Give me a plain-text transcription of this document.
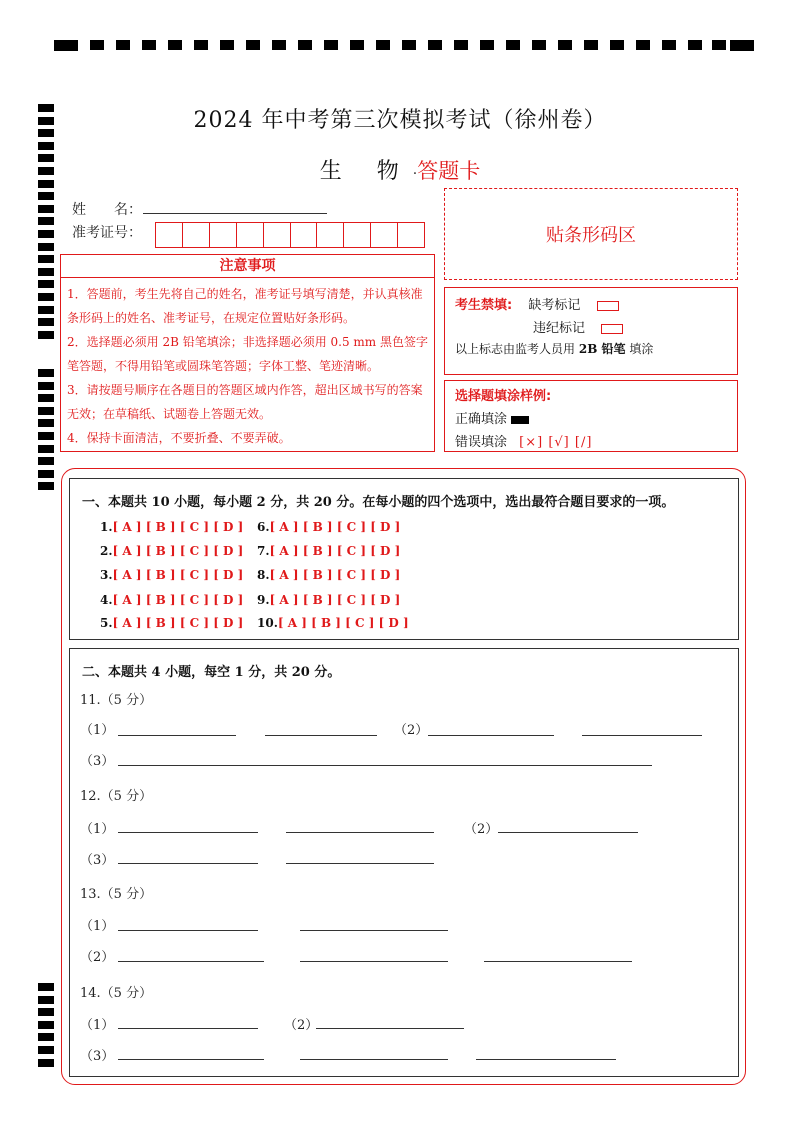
2024 年中考第三次模拟考试（徐州卷）
生 物·答题卡
姓　　名：
准考证号：	贴条形码区
注意事项

1．答题前，考生先将自己的姓名，准考证号填写清楚，并认真核准条形码上的姓名、准考证号，在规定位置贴好条形码。

2．选择题必须用 2B 铅笔填涂；非选择题必须用 0.5 mm 黑色签字笔答题，不得用铅笔或圆珠笔答题；字体工整、笔迹清晰。

3．请按题号顺序在各题目的答题区域内作答，超出区域书写的答案无效；在草稿纸、试题卷上答题无效。

4．保持卡面清洁，不要折叠、不要弄破。

考生禁填: 缺考标记
违纪标记
以上标志由监考人员用 2B 铅笔 填涂
选择题填涂样例:
正确填涂
错误填涂 [×] [√] [/]
一、本题共 10 小题，每小题 2 分，共 20 分。在每小题的四个选项中，选出最符合题目要求的一项。
1.[ A ] [ B ] [ C ] [ D ]
2.[ A ] [ B ] [ C ] [ D ]
3.[ A ] [ B ] [ C ] [ D ]
4.[ A ] [ B ] [ C ] [ D ]
5.[ A ] [ B ] [ C ] [ D ]
6.[ A ] [ B ] [ C ] [ D ]
7.[ A ] [ B ] [ C ] [ D ]
8.[ A ] [ B ] [ C ] [ D ]
9.[ A ] [ B ] [ C ] [ D ]
10.[ A ] [ B ] [ C ] [ D ]
二、本题共 4 小题，每空 1 分，共 20 分。
11.（5 分）
（1）	（2）
（3）
12.（5 分）
（1）	（2）
（3）
13.（5 分）
（1）
（2）
14.（5 分）
（1）	（2）
（3）
